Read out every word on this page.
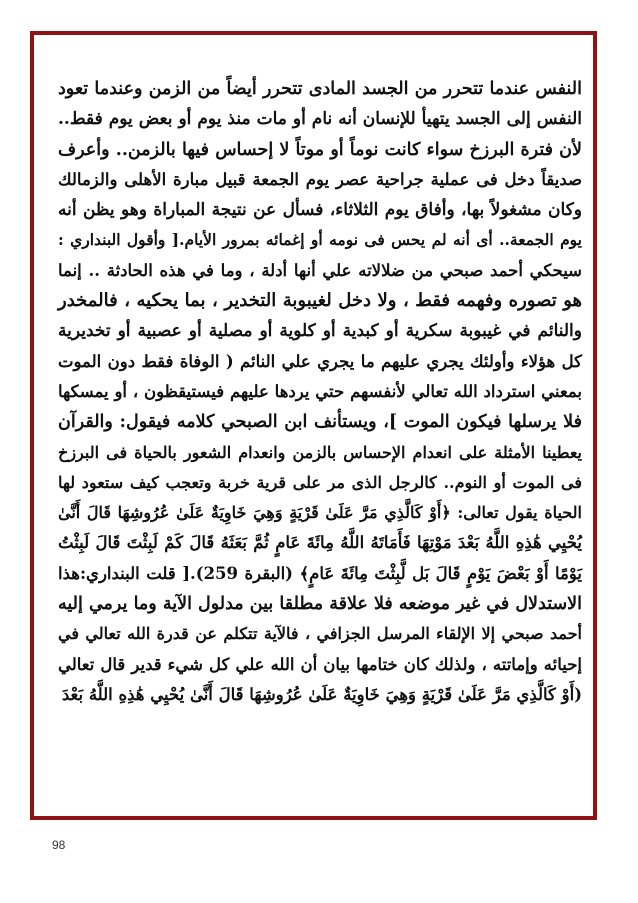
النفس عندما تتحرر من الجسد المادى تتحرر أيضاً من الزمن وعندما تعود
النفس إلى الجسد يتهيأ للإنسان أنه نام أو مات منذ يوم أو بعض يوم فقط..
لأن فترة البرزخ سواء كانت نوماً أو موتاً لا إحساس فيها بالزمن.. وأعرف
صديقاً دخل فى عملية جراحية عصر يوم الجمعة قبيل مبارة الأهلى والزمالك
وكان مشغولاً بها، وأفاق يوم الثلاثاء، فسأل عن نتيجة المباراة وهو يظن أنه
يوم الجمعة.. أى أنه لم يحس فى نومه أو إغمائه بمرور الأيام.[ وأقول البنداري :
سيحكي أحمد صبحي من ضلالاته علي أنها أدلة ، وما في هذه الحادثة .. إنما
هو تصوره وفهمه فقط ، ولا دخل لغيبوبة التخدير ، بما يحكيه ، فالمخدر
والنائم في غيبوبة سكرية أو كبدية أو كلوية أو مصلية أو عصبية أو تخديرية
كل هؤلاء وأولئك يجري عليهم ما يجري علي النائم ( الوفاة فقط دون الموت
بمعني استرداد الله تعالي لأنفسهم حتي يردها عليهم فيستيقظون ، أو يمسكها
فلا يرسلها فيكون الموت ]، ويستأنف ابن الصبحي كلامه فيقول: والقرآن
يعطينا الأمثلة على انعدام الإحساس بالزمن وانعدام الشعور بالحياة فى البرزخ
فى الموت أو النوم.. كالرجل الذى مر على قرية خربة وتعجب كيف ستعود لها
الحياة يقول تعالى: ﴿أَوْ كَالَّذِي مَرَّ عَلَىٰ قَرْيَةٍ وَهِيَ خَاوِيَةٌ عَلَىٰ عُرُوشِهَا قَالَ أَنَّىٰ
يُحْيِي هَٰذِهِ اللَّهُ بَعْدَ مَوْتِهَا فَأَمَاتَهُ اللَّهُ مِائَةَ عَامٍ ثُمَّ بَعَثَهُ قَالَ كَمْ لَبِثْتَ قَالَ لَبِثْتُ
يَوْمًا أَوْ بَعْضَ يَوْمٍ قَالَ بَل لَّبِثْتَ مِائَةَ عَامٍ﴾ (البقرة 259).[ قلت البنداري:هذا
الاستدلال في غير موضعه فلا علاقة مطلقا بين مدلول الآية وما يرمي إليه
أحمد صبحي إلا الإلقاء المرسل الجزافي ، فالآية تتكلم عن قدرة الله تعالي في
إحيائه وإماتته ، ولذلك كان ختامها بيان أن الله علي كل شيء قدير قال تعالي
(أَوْ كَالَّذِي مَرَّ عَلَىٰ قَرْيَةٍ وَهِيَ خَاوِيَةٌ عَلَىٰ عُرُوشِهَا قَالَ أَنَّىٰ يُحْيِي هَٰذِهِ اللَّهُ بَعْدَ
98
